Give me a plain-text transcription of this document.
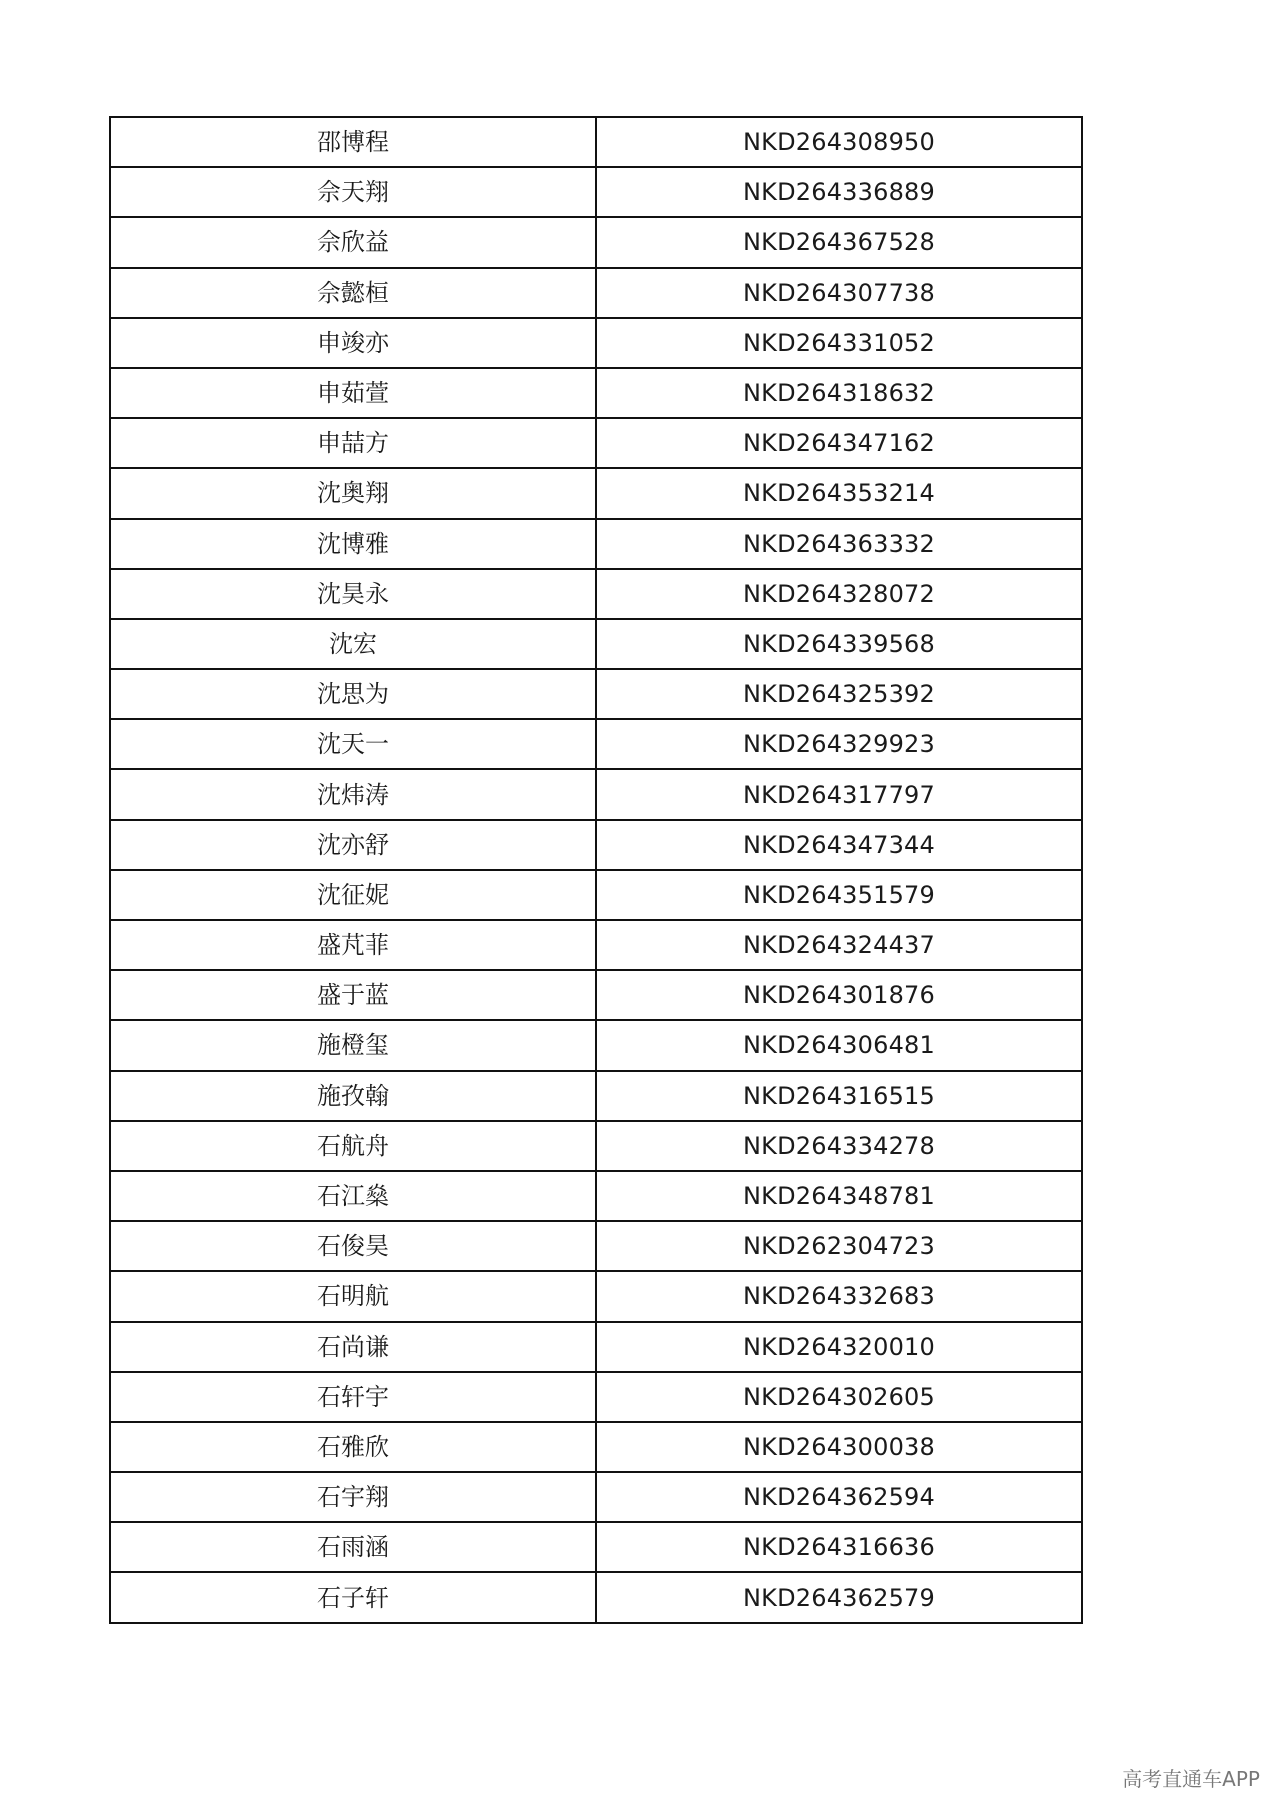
邵博程	NKD264308950
佘天翔	NKD264336889
佘欣益	NKD264367528
佘懿桓	NKD264307738
申竣亦	NKD264331052
申茹萱	NKD264318632
申喆方	NKD264347162
沈奥翔	NKD264353214
沈博雅	NKD264363332
沈昊永	NKD264328072
沈宏	NKD264339568
沈思为	NKD264325392
沈天一	NKD264329923
沈炜涛	NKD264317797
沈亦舒	NKD264347344
沈征妮	NKD264351579
盛芃菲	NKD264324437
盛于蓝	NKD264301876
施橙玺	NKD264306481
施孜翰	NKD264316515
石航舟	NKD264334278
石江燊	NKD264348781
石俊昊	NKD262304723
石明航	NKD264332683
石尚谦	NKD264320010
石轩宇	NKD264302605
石雅欣	NKD264300038
石宇翔	NKD264362594
石雨涵	NKD264316636
石子轩	NKD264362579
高考直通车APP
